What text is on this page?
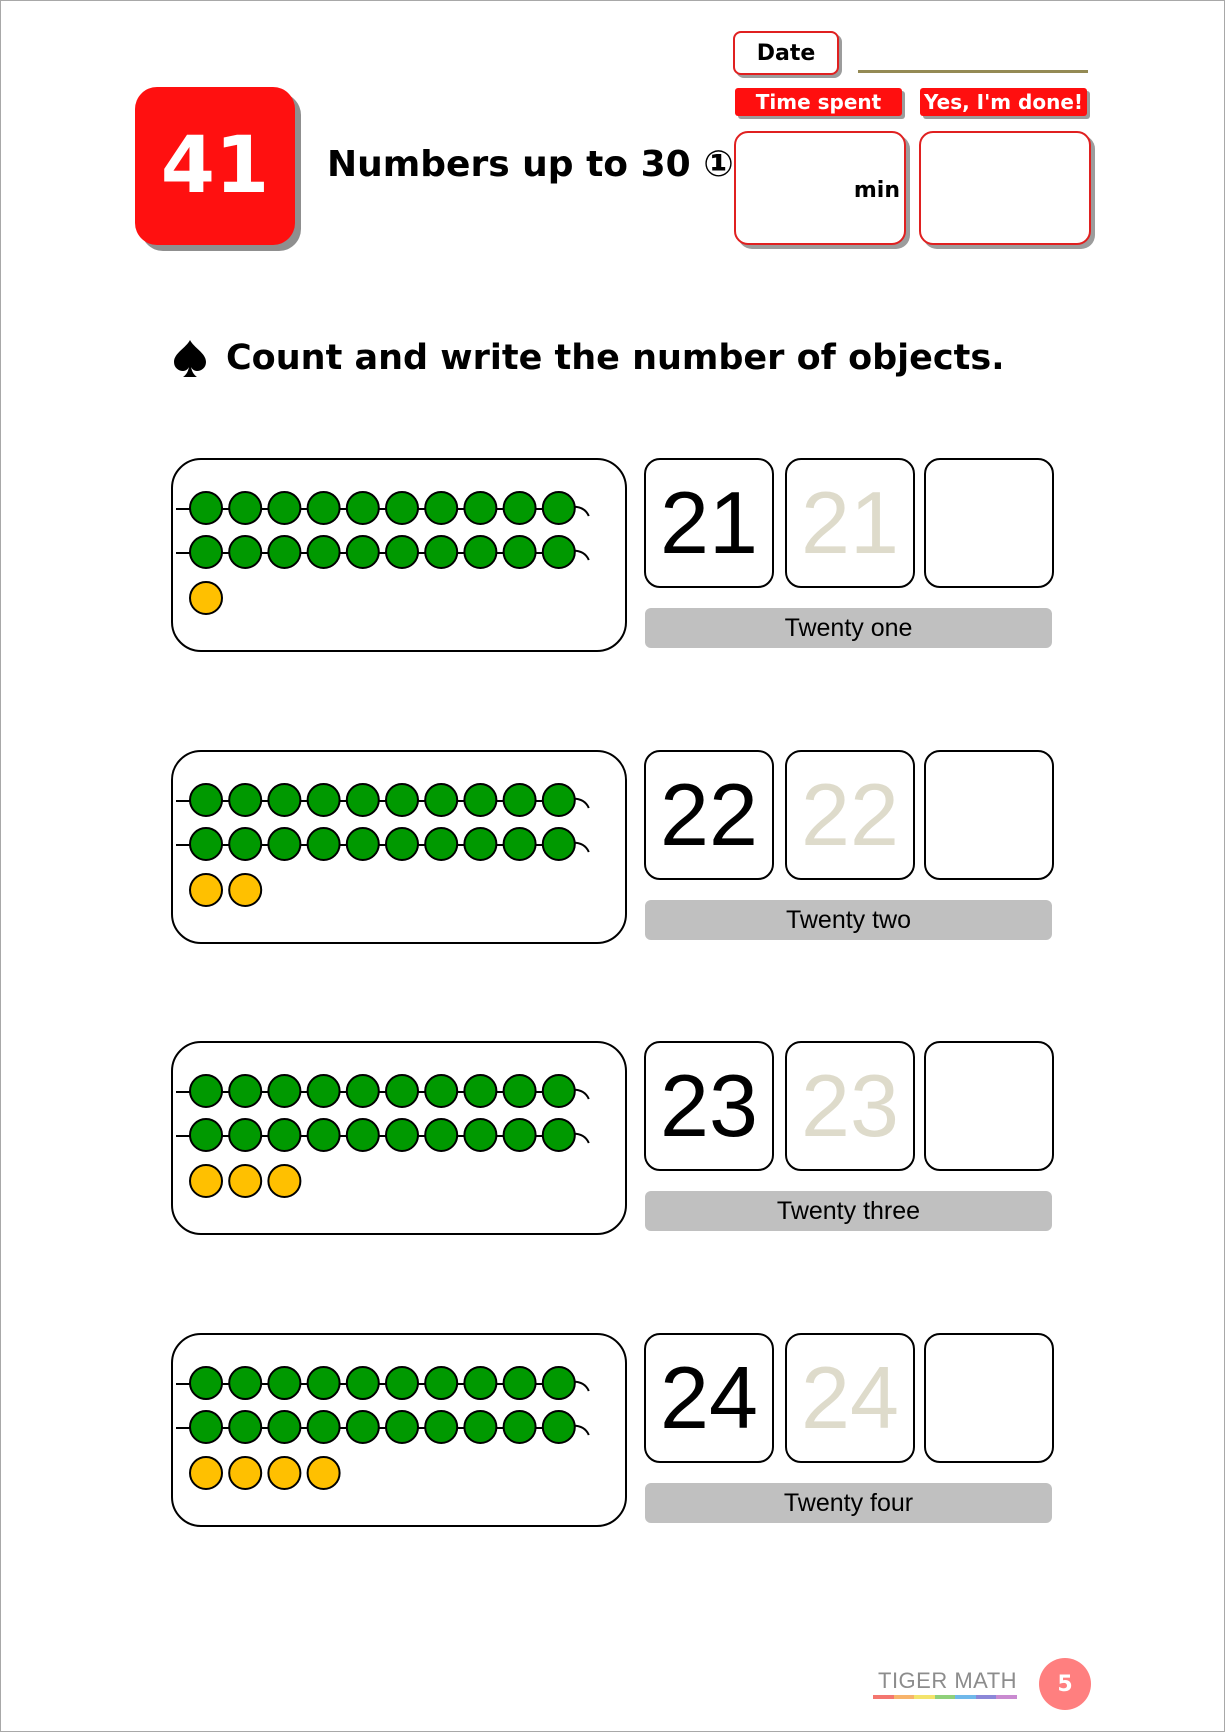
41	Numbers up to 30 ①
Date
Time spent	Yes, I'm done!
min
Count and write the number of objects.
21 21
Twenty one
22 22
Twenty two
23 23
Twenty three
24 24
Twenty four
TIGER MATH	5
